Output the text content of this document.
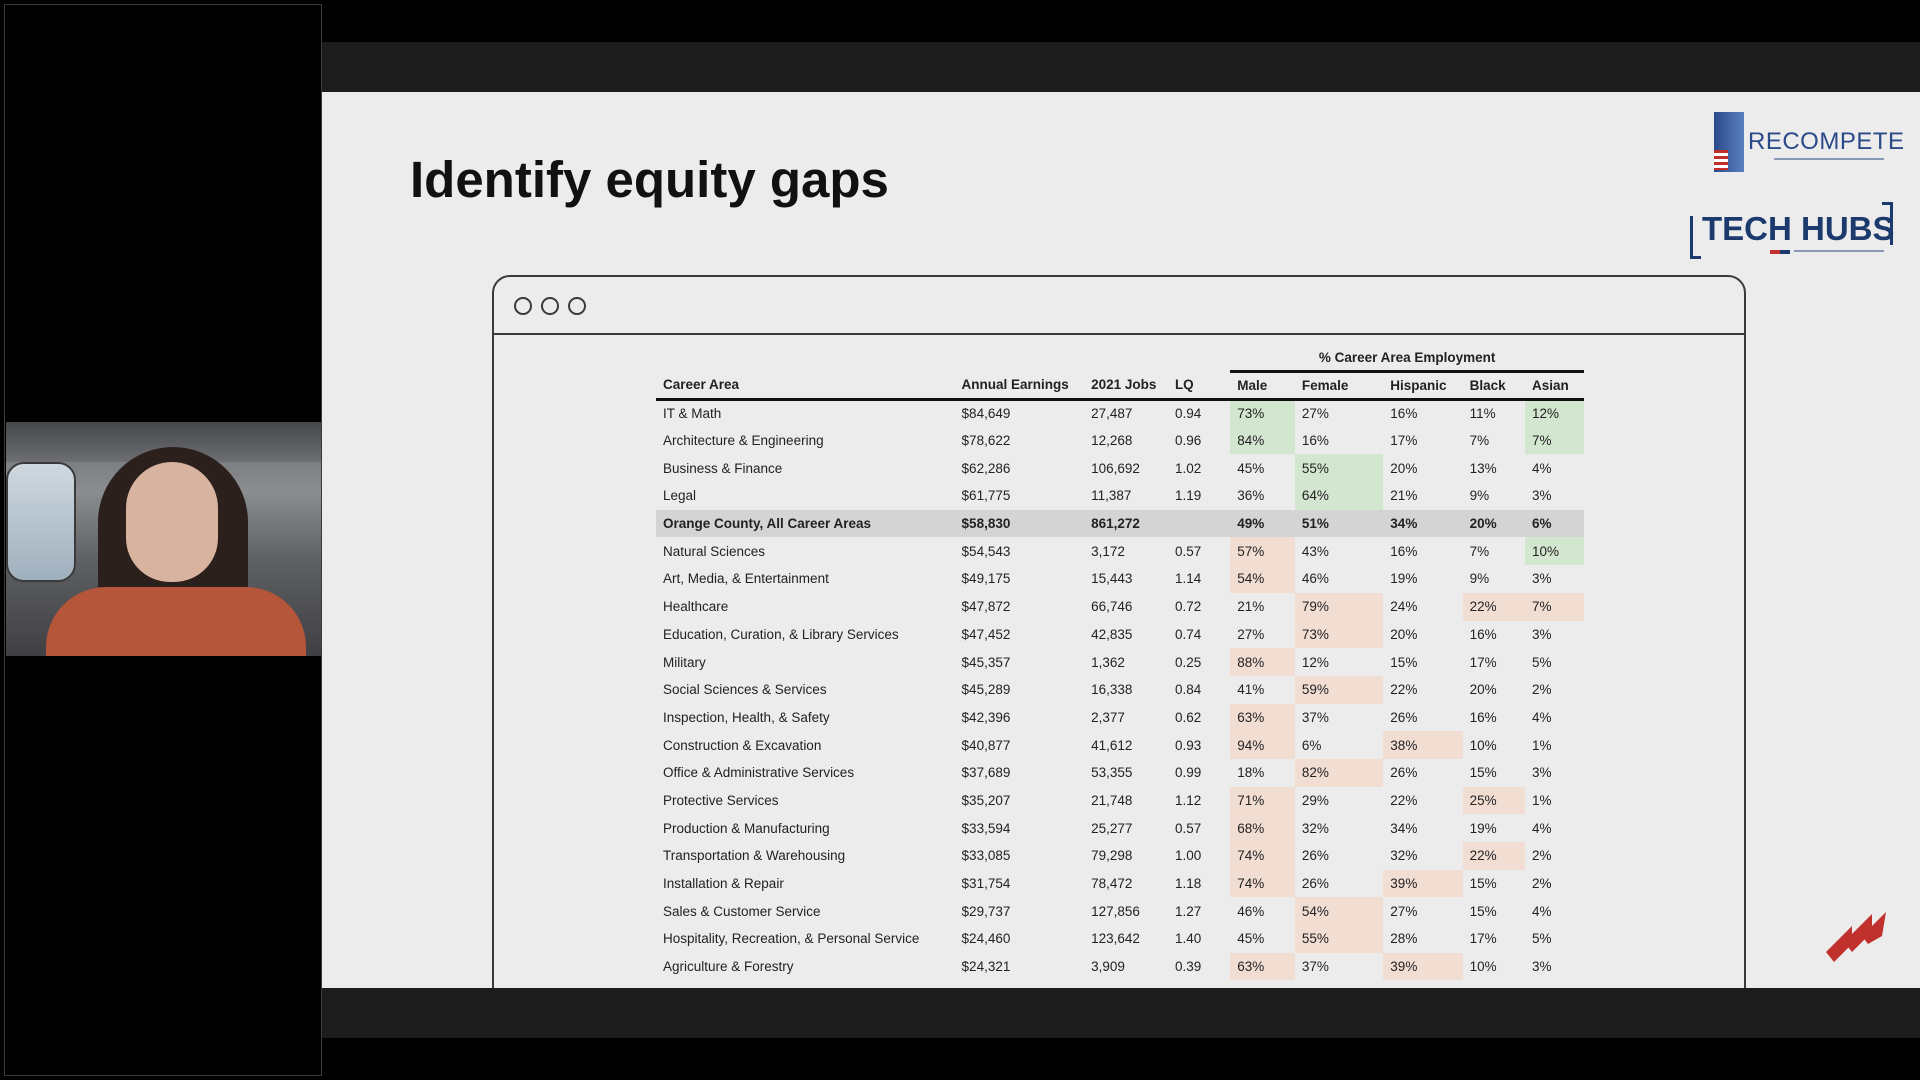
Identify equity gaps
RECOMPETE
TECH HUBS
				% Career Area Employment				
Career Area	Annual Earnings	2021 Jobs	LQ	Male	Female	Hispanic	Black	Asian
IT & Math	$84,649	27,487	0.94	73%	27%	16%	11%	12%
Architecture & Engineering	$78,622	12,268	0.96	84%	16%	17%	7%	7%
Business & Finance	$62,286	106,692	1.02	45%	55%	20%	13%	4%
Legal	$61,775	11,387	1.19	36%	64%	21%	9%	3%
Orange County, All Career Areas	$58,830	861,272		49%	51%	34%	20%	6%
Natural Sciences	$54,543	3,172	0.57	57%	43%	16%	7%	10%
Art, Media, & Entertainment	$49,175	15,443	1.14	54%	46%	19%	9%	3%
Healthcare	$47,872	66,746	0.72	21%	79%	24%	22%	7%
Education, Curation, & Library Services	$47,452	42,835	0.74	27%	73%	20%	16%	3%
Military	$45,357	1,362	0.25	88%	12%	15%	17%	5%
Social Sciences & Services	$45,289	16,338	0.84	41%	59%	22%	20%	2%
Inspection, Health, & Safety	$42,396	2,377	0.62	63%	37%	26%	16%	4%
Construction & Excavation	$40,877	41,612	0.93	94%	6%	38%	10%	1%
Office & Administrative Services	$37,689	53,355	0.99	18%	82%	26%	15%	3%
Protective Services	$35,207	21,748	1.12	71%	29%	22%	25%	1%
Production & Manufacturing	$33,594	25,277	0.57	68%	32%	34%	19%	4%
Transportation & Warehousing	$33,085	79,298	1.00	74%	26%	32%	22%	2%
Installation & Repair	$31,754	78,472	1.18	74%	26%	39%	15%	2%
Sales & Customer Service	$29,737	127,856	1.27	46%	54%	27%	15%	4%
Hospitality, Recreation, & Personal Service	$24,460	123,642	1.40	45%	55%	28%	17%	5%
Agriculture & Forestry	$24,321	3,909	0.39	63%	37%	39%	10%	3%
